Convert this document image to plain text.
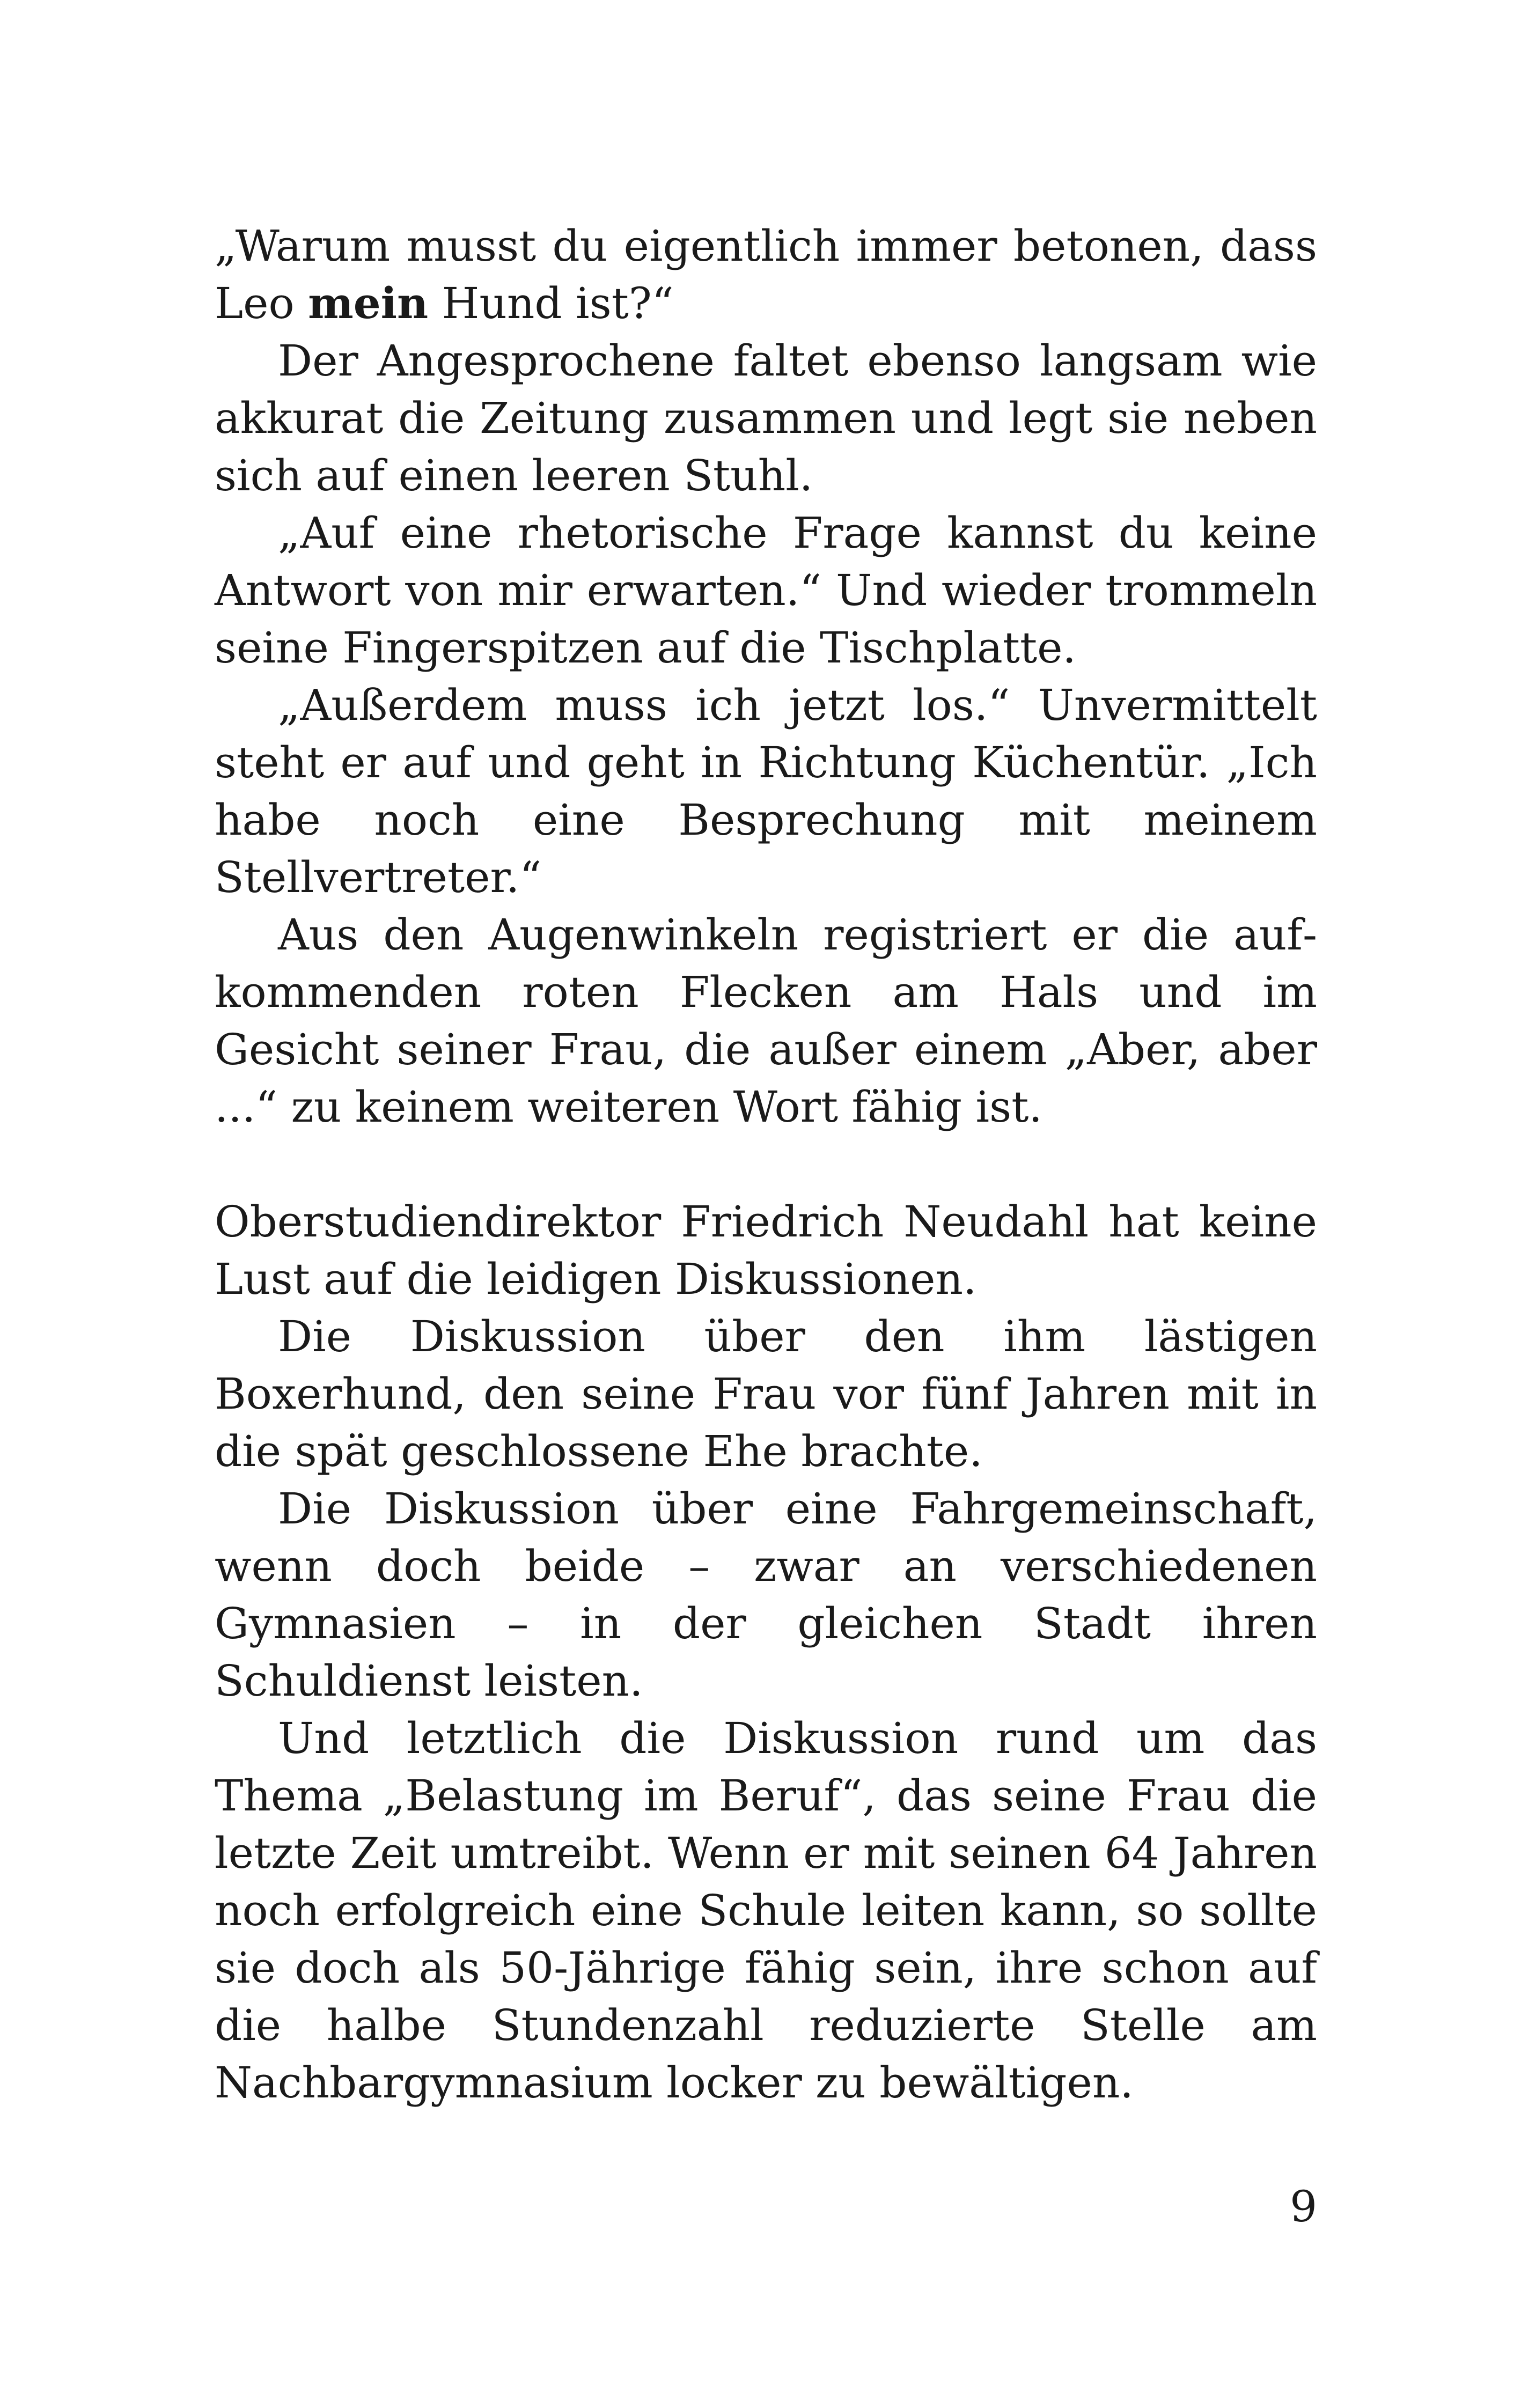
„Warum musst du eigentlich immer betonen, dass Leo mein Hund ist?“

Der Angesprochene faltet ebenso langsam wie akkurat die Zeitung zusammen und legt sie neben sich auf einen leeren Stuhl.

„Auf eine rhetorische Frage kannst du keine Antwort von mir erwarten.“ Und wieder trommeln seine Fingerspitzen auf die Tischplatte.

„Außerdem muss ich jetzt los.“ Unvermittelt steht er auf und geht in Richtung Küchentür. „Ich habe noch eine Besprechung mit meinem Stellvertreter.“

Aus den Augenwinkeln registriert er die aufkommenden roten Flecken am Hals und im Gesicht seiner Frau, die außer einem „Aber, aber ...“ zu keinem weiteren Wort fähig ist.

Oberstudiendirektor Friedrich Neudahl hat keine Lust auf die leidigen Diskussionen.

Die Diskussion über den ihm lästigen Boxerhund, den seine Frau vor fünf Jahren mit in die spät geschlossene Ehe brachte.

Die Diskussion über eine Fahrgemeinschaft, wenn doch beide – zwar an verschiedenen Gymnasien – in der gleichen Stadt ihren Schuldienst leisten.

Und letztlich die Diskussion rund um das Thema „Belastung im Beruf“, das seine Frau die letzte Zeit umtreibt. Wenn er mit seinen 64 Jahren noch erfolgreich eine Schule leiten kann, so sollte sie doch als 50-Jährige fähig sein, ihre schon auf die halbe Stundenzahl reduzierte Stelle am Nachbargymnasium locker zu bewältigen.

9
